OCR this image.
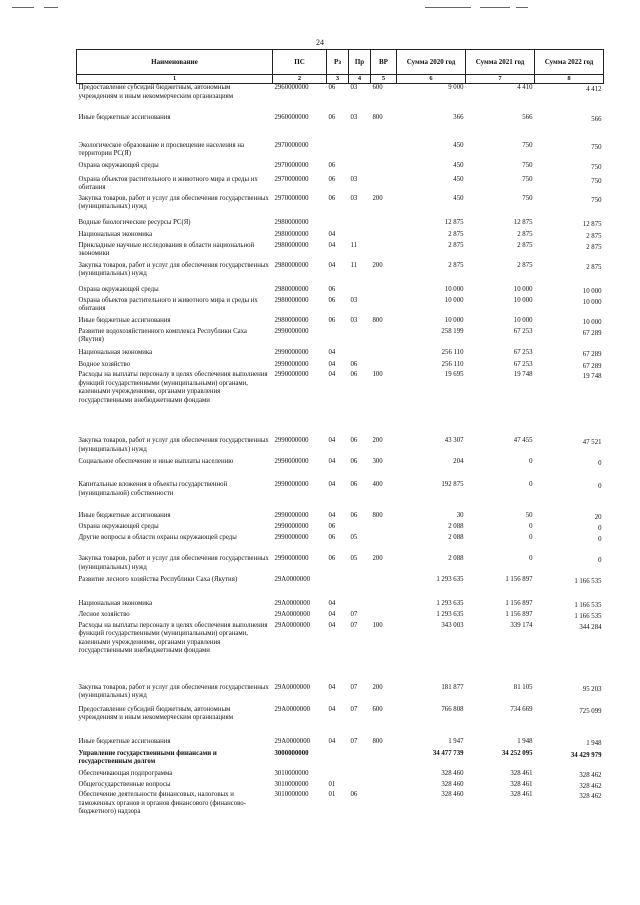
24
Наименование	ПС	Рз	Пр	ВР	Сумма 2020 год	Сумма 2021 год	Сумма 2022 год
1	2	3	4	5	6	7	8
Предоставление субсидий бюджетным, автономным учреждениям и иным некоммерческим организациям	2960000000	06	03	600	9 000	4 410	4 412
Иные бюджетные ассигнования	2960000000	06	03	800	366	566	566
Экологическое образование и просвещение населения на территории РС(Я)	2970000000				450	750	750
Охрана окружающей среды	2970000000	06			450	750	750
Охрана объектов растительного и животного мира и среды их обитания	2970000000	06	03		450	750	750
Закупка товаров, работ и услуг для обеспечения государственных (муниципальных) нужд	2970000000	06	03	200	450	750	750
Водные биологические ресурсы РС(Я)	2980000000				12 875	12 875	12 875
Национальная экономика	2980000000	04			2 875	2 875	2 875
Прикладные научные исследования в области национальной экономики	2980000000	04	11		2 875	2 875	2 875
Закупка товаров, работ и услуг для обеспечения государственных (муниципальных) нужд	2980000000	04	11	200	2 875	2 875	2 875
Охрана окружающей среды	2980000000	06			10 000	10 000	10 000
Охрана объектов растительного и животного мира и среды их обитания	2980000000	06	03		10 000	10 000	10 000
Иные бюджетные ассигнования	2980000000	06	03	800	10 000	10 000	10 000
Развитие водохозяйственного комплекса Республики Саха (Якутия)	2990000000				258 199	67 253	67 289
Национальная экономика	2990000000	04			256 110	67 253	67 289
Водное хозяйство	2990000000	04	06		256 110	67 253	67 289
Расходы на выплаты персоналу в целях обеспечения выполнения функций государственными (муниципальными) органами, казенными учреждениями, органами управления государственными внебюджетными фондами	2990000000	04	06	100	19 695	19 748	19 748
Закупка товаров, работ и услуг для обеспечения государственных (муниципальных) нужд	2990000000	04	06	200	43 307	47 455	47 521
Социальное обеспечение и иные выплаты населению	2990000000	04	06	300	204	0	0
Капитальные вложения в объекты государственной (муниципальной) собственности	2990000000	04	06	400	192 875	0	0
Иные бюджетные ассигнования	2990000000	04	06	800	30	50	20
Охрана окружающей среды	2990000000	06			2 088	0	0
Другие вопросы в области охраны окружающей среды	2990000000	06	05		2 088	0	0
Закупка товаров, работ и услуг для обеспечения государственных (муниципальных) нужд	2990000000	06	05	200	2 088	0	0
Развитие лесного хозяйства Республики Саха (Якутия)	29А0000000				1 293 635	1 156 897	1 166 535
Национальная экономика	29А0000000	04			1 293 635	1 156 897	1 166 535
Лесное хозяйство	29А0000000	04	07		1 293 635	1 156 897	1 166 535
Расходы на выплаты персоналу в целях обеспечения выполнения функций государственными (муниципальными) органами, казенными учреждениями, органами управления государственными внебюджетными фондами	29А0000000	04	07	100	343 003	339 174	344 284
Закупка товаров, работ и услуг для обеспечения государственных (муниципальных) нужд	29А0000000	04	07	200	181 877	81 105	95 203
Предоставление субсидий бюджетным, автономным учреждениям и иным некоммерческим организациям	29А0000000	04	07	600	766 808	734 669	725 099
Иные бюджетные ассигнования	29А0000000	04	07	800	1 947	1 948	1 948
Управление государственными финансами и государственным долгом	3000000000				34 477 739	34 252 095	34 429 979
Обеспечивающая подпрограмма	3010000000				328 460	328 461	328 462
Общегосударственные вопросы	3010000000	01			328 460	328 461	328 462
Обеспечение деятельности финансовых, налоговых и таможенных органов и органов финансового (финансово-бюджетного) надзора	3010000000	01	06		328 460	328 461	328 462
